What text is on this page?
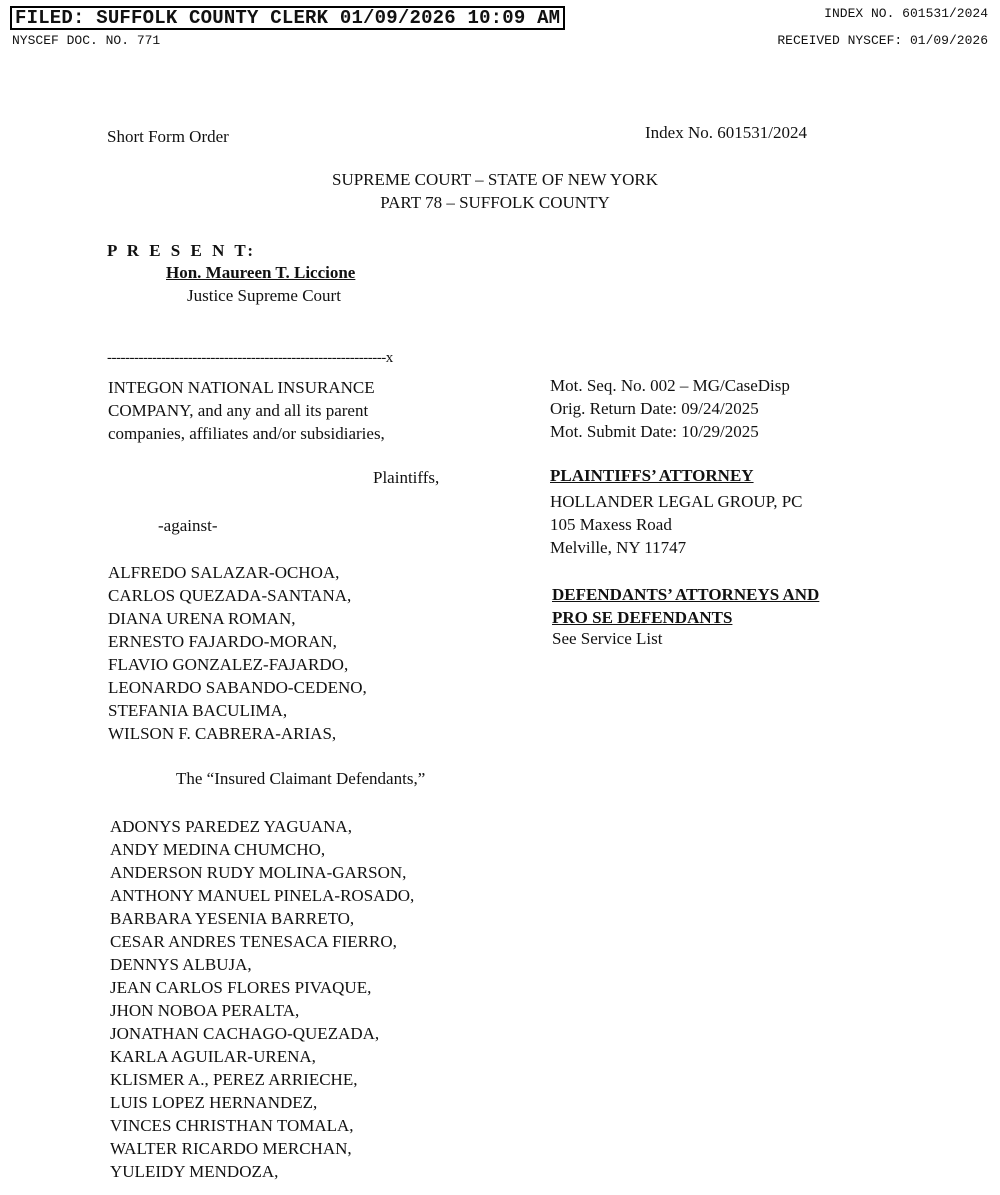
FILED: SUFFOLK COUNTY CLERK 01/09/2026 10:09 AM
NYSCEF DOC. NO. 771
INDEX NO. 601531/2024
RECEIVED NYSCEF: 01/09/2026
Short Form Order	Index No. 601531/2024
SUPREME COURT – STATE OF NEW YORK
PART 78 – SUFFOLK COUNTY
P R E S E N T:
Hon. Maureen T. Liccione
Justice Supreme Court
--------------------------------------------------------------x
INTEGON NATIONAL INSURANCE
COMPANY, and any and all its parent
companies, affiliates and/or subsidiaries,
Plaintiffs,
-against-
ALFREDO SALAZAR-OCHOA,
CARLOS QUEZADA-SANTANA,
DIANA URENA ROMAN,
ERNESTO FAJARDO-MORAN,
FLAVIO GONZALEZ-FAJARDO,
LEONARDO SABANDO-CEDENO,
STEFANIA BACULIMA,
WILSON F. CABRERA-ARIAS,
The “Insured Claimant Defendants,”
ADONYS PAREDEZ YAGUANA,
ANDY MEDINA CHUMCHO,
ANDERSON RUDY MOLINA-GARSON,
ANTHONY MANUEL PINELA-ROSADO,
BARBARA YESENIA BARRETO,
CESAR ANDRES TENESACA FIERRO,
DENNYS ALBUJA,
JEAN CARLOS FLORES PIVAQUE,
JHON NOBOA PERALTA,
JONATHAN CACHAGO-QUEZADA,
KARLA AGUILAR-URENA,
KLISMER A., PEREZ ARRIECHE,
LUIS LOPEZ HERNANDEZ,
VINCES CHRISTHAN TOMALA,
WALTER RICARDO MERCHAN,
YULEIDY MENDOZA,
Mot. Seq. No. 002 – MG/CaseDisp
Orig. Return Date: 09/24/2025
Mot. Submit Date: 10/29/2025
PLAINTIFFS’ ATTORNEY
HOLLANDER LEGAL GROUP, PC
105 Maxess Road
Melville, NY 11747
DEFENDANTS’ ATTORNEYS AND
PRO SE DEFENDANTS
See Service List
